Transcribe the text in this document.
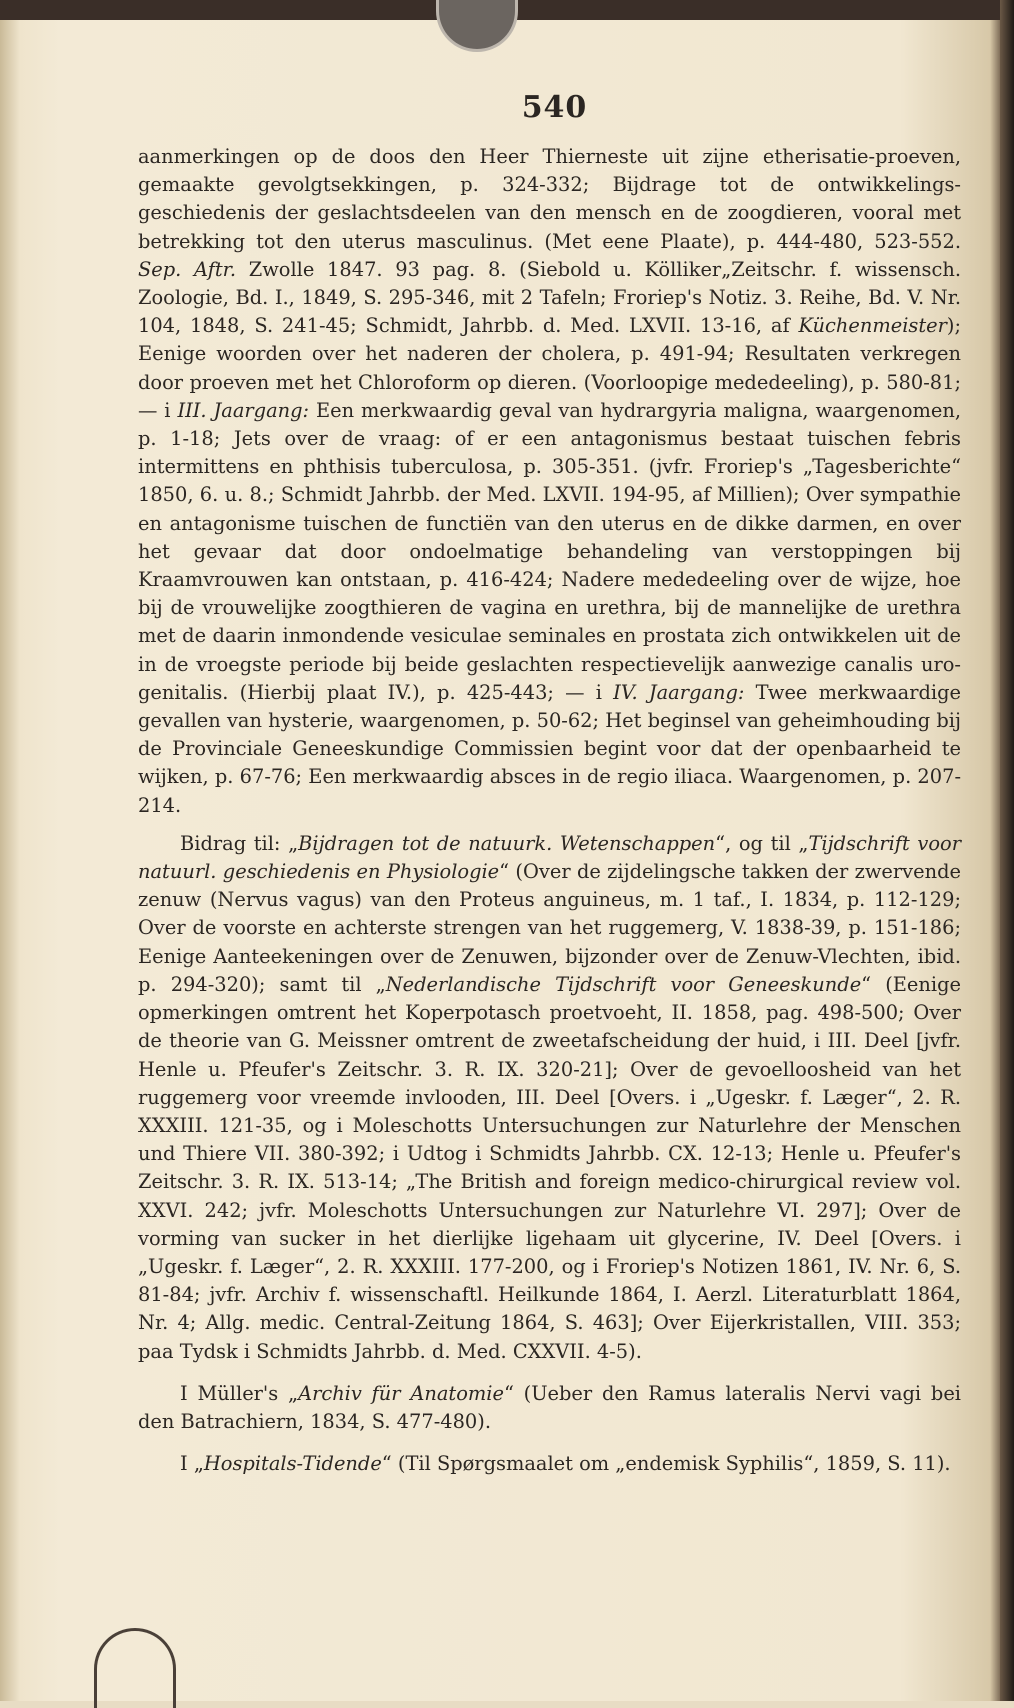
540

aanmerkingen op de doos den Heer Thierneste uit zijne etherisatie-proeven, gemaakte gevolgtsekkingen, p. 324-332; Bijdrage tot de ontwikkelings-geschiedenis der geslachtsdeelen van den mensch en de zoogdieren, vooral met betrekking tot den uterus masculinus. (Met eene Plaate), p. 444-480, 523-552. Sep. Aftr. Zwolle 1847. 93 pag. 8. (Siebold u. Kölliker„Zeitschr. f. wissensch. Zoologie, Bd. I., 1849, S. 295-346, mit 2 Tafeln; Froriep's Notiz. 3. Reihe, Bd. V. Nr. 104, 1848, S. 241-45; Schmidt, Jahrbb. d. Med. LXVII. 13-16, af Küchenmeister); Eenige woorden over het naderen der cholera, p. 491-94; Resultaten verkregen door proeven met het Chloroform op dieren. (Voorloopige mededeeling), p. 580-81; — i III. Jaargang: Een merkwaardig geval van hydrargyria maligna, waargenomen, p. 1-18; Jets over de vraag: of er een antagonismus bestaat tuischen febris intermittens en phthisis tuberculosa, p. 305-351. (jvfr. Froriep's „Tagesberichte“ 1850, 6. u. 8.; Schmidt Jahrbb. der Med. LXVII. 194-95, af Millien); Over sympathie en antagonisme tuischen de functiën van den uterus en de dikke darmen, en over het gevaar dat door ondoelmatige behandeling van verstoppingen bij Kraamvrouwen kan ontstaan, p. 416-424; Nadere mededeeling over de wijze, hoe bij de vrouwelijke zoogthieren de vagina en urethra, bij de mannelijke de urethra met de daarin inmondende vesiculae seminales en prostata zich ontwikkelen uit de in de vroegste periode bij beide geslachten respectievelijk aanwezige canalis uro-genitalis. (Hierbij plaat IV.), p. 425-443; — i IV. Jaargang: Twee merkwaardige gevallen van hysterie, waargenomen, p. 50-62; Het beginsel van geheimhouding bij de Provinciale Geneeskundige Commissien begint voor dat der openbaarheid te wijken, p. 67-76; Een merkwaardig absces in de regio iliaca. Waargenomen, p. 207-214.

Bidrag til: „Bijdragen tot de natuurk. Wetenschappen“, og til „Tijdschrift voor natuurl. geschiedenis en Physiologie“ (Over de zijdelingsche takken der zwervende zenuw (Nervus vagus) van den Proteus anguineus, m. 1 taf., I. 1834, p. 112-129; Over de voorste en achterste strengen van het ruggemerg, V. 1838-39, p. 151-186; Eenige Aanteekeningen over de Zenuwen, bijzonder over de Zenuw-Vlechten, ibid. p. 294-320); samt til „Nederlandische Tijdschrift voor Geneeskunde“ (Eenige opmerkingen omtrent het Koperpotasch proetvoeht, II. 1858, pag. 498-500; Over de theorie van G. Meissner omtrent de zweetafscheidung der huid, i III. Deel [jvfr. Henle u. Pfeufer's Zeitschr. 3. R. IX. 320-21]; Over de gevoelloosheid van het ruggemerg voor vreemde invlooden, III. Deel [Overs. i „Ugeskr. f. Læger“, 2. R. XXXIII. 121-35, og i Moleschotts Untersuchungen zur Naturlehre der Menschen und Thiere VII. 380-392; i Udtog i Schmidts Jahrbb. CX. 12-13; Henle u. Pfeufer's Zeitschr. 3. R. IX. 513-14; „The British and foreign medico-chirurgical review vol. XXVI. 242; jvfr. Moleschotts Untersuchungen zur Naturlehre VI. 297]; Over de vorming van sucker in het dierlijke ligehaam uit glycerine, IV. Deel [Overs. i „Ugeskr. f. Læger“, 2. R. XXXIII. 177-200, og i Froriep's Notizen 1861, IV. Nr. 6, S. 81-84; jvfr. Archiv f. wissenschaftl. Heilkunde 1864, I. Aerzl. Literaturblatt 1864, Nr. 4; Allg. medic. Central-Zeitung 1864, S. 463]; Over Eijerkristallen, VIII. 353; paa Tydsk i Schmidts Jahrbb. d. Med. CXXVII. 4-5).

I Müller's „Archiv für Anatomie“ (Ueber den Ramus lateralis Nervi vagi bei den Batrachiern, 1834, S. 477-480).

I „Hospitals-Tidende“ (Til Spørgsmaalet om „endemisk Syphilis“, 1859, S. 11).
